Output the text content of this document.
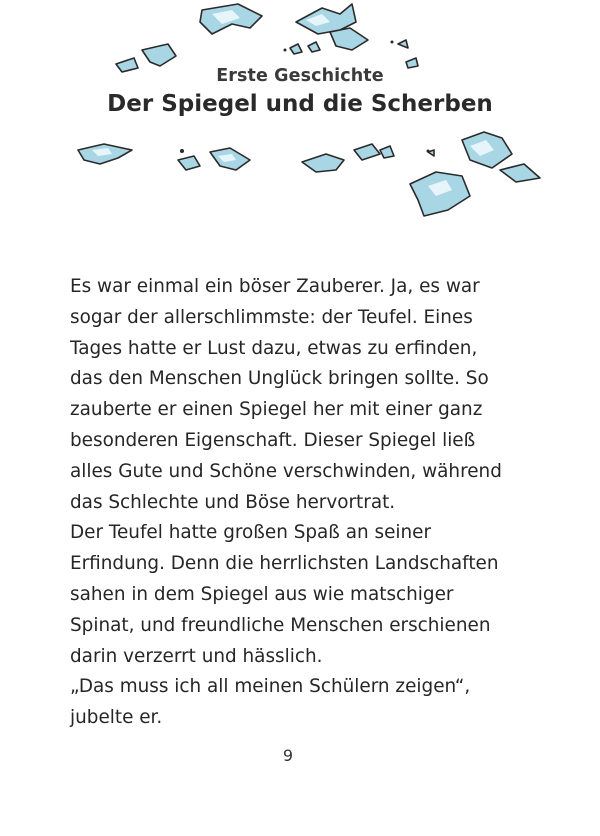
Erste Geschichte
Der Spiegel und die Scherben
Es war einmal ein böser Zauberer. Ja, es war
sogar der allerschlimmste: der Teufel. Eines
Tages hatte er Lust dazu, etwas zu erfinden,
das den Menschen Unglück bringen sollte. So
zauberte er einen Spiegel her mit einer ganz
besonderen Eigenschaft. Dieser Spiegel ließ
alles Gute und Schöne verschwinden, während
das Schlechte und Böse hervortrat.
Der Teufel hatte großen Spaß an seiner
Erfindung. Denn die herrlichsten Landschaften
sahen in dem Spiegel aus wie matschiger
Spinat, und freundliche Menschen erschienen
darin verzerrt und hässlich.
„Das muss ich all meinen Schülern zeigen“,
jubelte er.
9
